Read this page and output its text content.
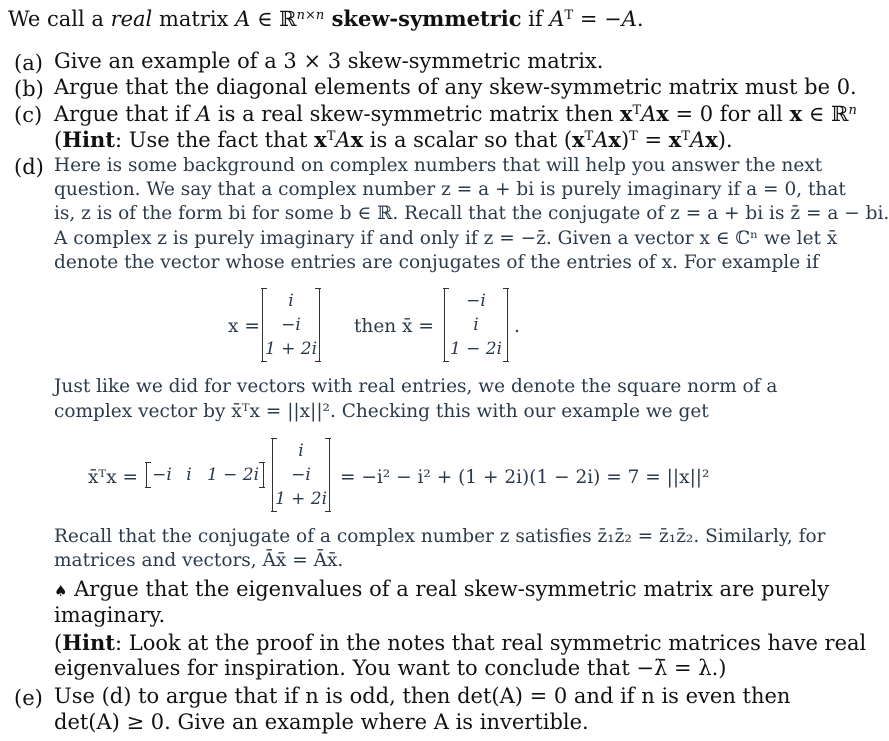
We call a real matrix A ∈ ℝ$^{n\times n}$ skew-symmetric if $A^T = -A$.
(a) Give an example of a 3 × 3 skew-symmetric matrix.
(b) Argue that the diagonal elements of any skew-symmetric matrix must be 0.
(c) Argue that if A is a real skew-symmetric matrix then $x^TAx = 0$ for all x ∈ ℝ$^n$
(Hint: Use the fact that $x^TAx$ is a scalar so that $(x^TAx)^T = x^TAx$).
(d) Here is some background on complex numbers that will help you answer the next
question. We say that a complex number z = a + bi is purely imaginary if a = 0, that
is, z is of the form bi for some b ∈ ℝ. Recall that the conjugate of z = a + bi is z̄ = a − bi.
A complex z is purely imaginary if and only if z = −z̄. Given a vector x ∈ ℂⁿ we let x̄
denote the vector whose entries are conjugates of the entries of x. For example if
x =
i
−i
1 + 2i
then x̄ =
−i
i
1 − 2i
.
Just like we did for vectors with real entries, we denote the square norm of a
complex vector by x̄ᵀx = ||x||². Checking this with our example we get
x̄ᵀx = −i i 1 − 2i
i
−i
1 + 2i
= −i² − i² + (1 + 2i)(1 − 2i) = 7 = ||x||²
Recall that the conjugate of a complex number z satisfies z̄₁z̄₂ = z̄₁z̄₂. Similarly, for
matrices and vectors, Āx̄ = Āx̄.
♠ Argue that the eigenvalues of a real skew-symmetric matrix are purely
imaginary.
(Hint: Look at the proof in the notes that real symmetric matrices have real
eigenvalues for inspiration. You want to conclude that −λ̄ = λ.)
(e) Use (d) to argue that if n is odd, then det(A) = 0 and if n is even then
det(A) ≥ 0. Give an example where A is invertible.
